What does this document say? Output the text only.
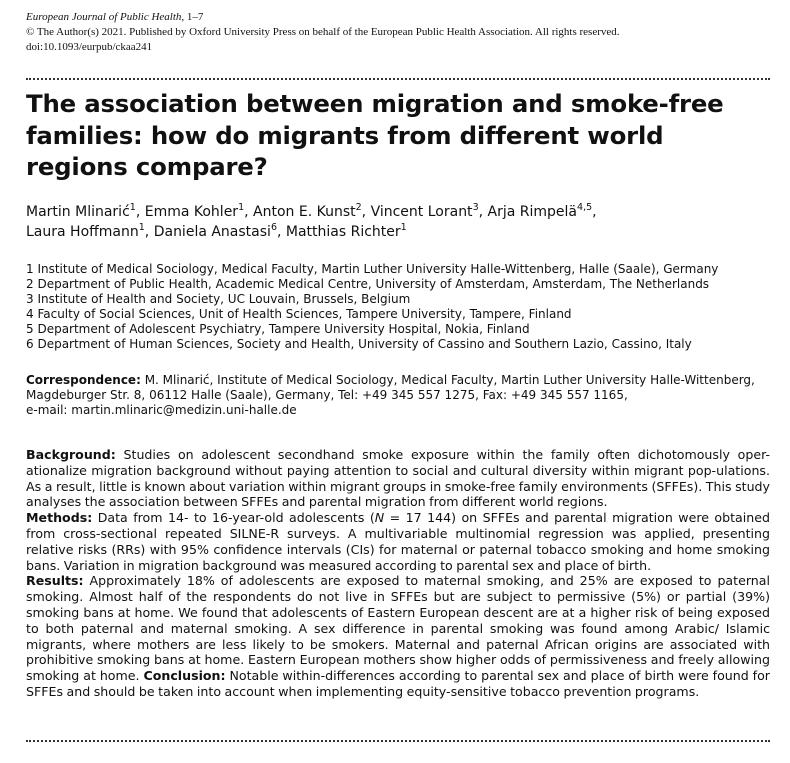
European Journal of Public Health, 1–7
© The Author(s) 2021. Published by Oxford University Press on behalf of the European Public Health Association. All rights reserved.
doi:10.1093/eurpub/ckaa241
The association between migration and smoke-free families: how do migrants from different world regions compare?
Martin Mlinarić$^1$, Emma Kohler$^1$, Anton E. Kunst$^2$, Vincent Lorant$^3$, Arja Rimpelä$^{4,5}$,
Laura Hoffmann$^1$, Daniela Anastasi$^6$, Matthias Richter$^1$
1 Institute of Medical Sociology, Medical Faculty, Martin Luther University Halle-Wittenberg, Halle (Saale), Germany
2 Department of Public Health, Academic Medical Centre, University of Amsterdam, Amsterdam, The Netherlands
3 Institute of Health and Society, UC Louvain, Brussels, Belgium
4 Faculty of Social Sciences, Unit of Health Sciences, Tampere University, Tampere, Finland
5 Department of Adolescent Psychiatry, Tampere University Hospital, Nokia, Finland
6 Department of Human Sciences, Society and Health, University of Cassino and Southern Lazio, Cassino, Italy
Correspondence: M. Mlinarić, Institute of Medical Sociology, Medical Faculty, Martin Luther University Halle-Wittenberg,
Magdeburger Str. 8, 06112 Halle (Saale), Germany, Tel: +49 345 557 1275, Fax: +49 345 557 1165,
e-mail: martin.mlinaric@medizin.uni-halle.de
Background: Studies on adolescent secondhand smoke exposure within the family often dichotomously oper-ationalize migration background without paying attention to social and cultural diversity within migrant pop-ulations. As a result, little is known about variation within migrant groups in smoke-free family environments (SFFEs). This study analyses the association between SFFEs and parental migration from different world regions.
Methods: Data from 14- to 16-year-old adolescents (N = 17 144) on SFFEs and parental migration were obtained from cross-sectional repeated SILNE-R surveys. A multivariable multinomial regression was applied, presenting relative risks (RRs) with 95% confidence intervals (CIs) for maternal or paternal tobacco smoking and home smoking bans. Variation in migration background was measured according to parental sex and place of birth.
Results: Approximately 18% of adolescents are exposed to maternal smoking, and 25% are exposed to paternal smoking. Almost half of the respondents do not live in SFFEs but are subject to permissive (5%) or partial (39%) smoking bans at home. We found that adolescents of Eastern European descent are at a higher risk of being exposed to both paternal and maternal smoking. A sex difference in parental smoking was found among Arabic/ Islamic migrants, where mothers are less likely to be smokers. Maternal and paternal African origins are associated with prohibitive smoking bans at home. Eastern European mothers show higher odds of permissiveness and freely allowing smoking at home. Conclusion: Notable within-differences according to parental sex and place of birth were found for SFFEs and should be taken into account when implementing equity-sensitive tobacco prevention programs.
